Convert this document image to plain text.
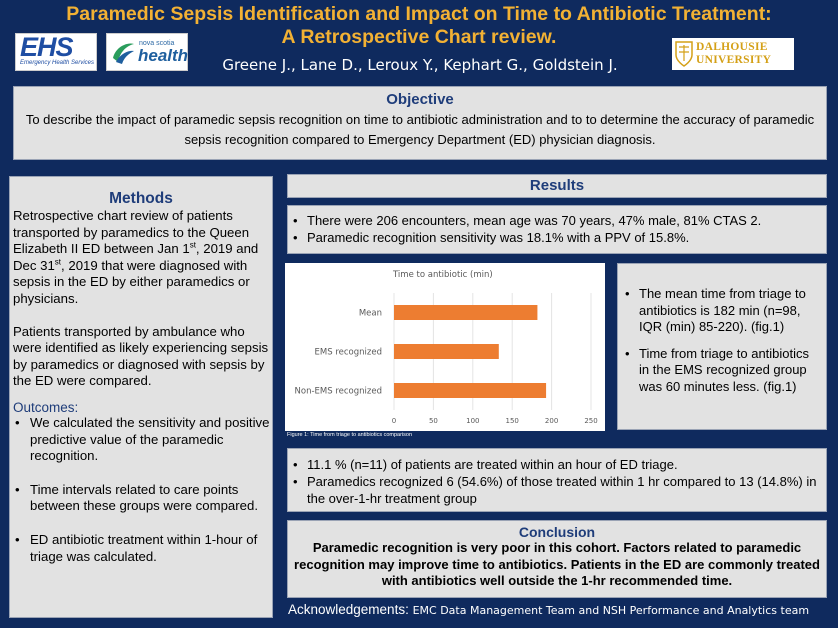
Paramedic Sepsis Identification and Impact on Time to Antibiotic Treatment:
A Retrospective Chart review.
Greene J., Lane D., Leroux Y., Kephart G., Goldstein J.
EHS
Emergency Health Services
nova scotia
health	DALHOUSIE
UNIVERSITY
Objective
To describe the impact of paramedic sepsis recognition on time to antibiotic administration and to to determine the accuracy of paramedic sepsis recognition compared to Emergency Department (ED) physician diagnosis.
Methods
Retrospective chart review of patients transported by paramedics to the Queen Elizabeth II ED between Jan 1st, 2019 and Dec 31st, 2019 that were diagnosed with sepsis in the ED by either paramedics or physicians.
Patients transported by ambulance who were identified as likely experiencing sepsis by paramedics or diagnosed with sepsis by the ED were compared.
Outcomes:
• We calculated the sensitivity and positive predictive value of the paramedic recognition.
• Time intervals related to care points between these groups were compared.
• ED antibiotic treatment within 1-hour of triage was calculated.
Results
• There were 206 encounters, mean age was 70 years, 47% male, 81% CTAS 2.
• Paramedic recognition sensitivity was 18.1% with a PPV of 15.8%.
0	50	100	150	200	250
Time to antibiotic (min)
Mean
EMS recognized
Non-EMS recognized
Figure 1: Time from triage to antibiotics comparison
• The mean time from triage to antibiotics is 182 min (n=98, IQR (min) 85-220). (fig.1)
• Time from triage to antibiotics in the EMS recognized group was 60 minutes less. (fig.1)
• 11.1 % (n=11) of patients are treated within an hour of ED triage.
• Paramedics recognized 6 (54.6%) of those treated within 1 hr compared to 13 (14.8%) in the over-1-hr treatment group
Conclusion
Paramedic recognition is very poor in this cohort. Factors related to paramedic recognition may improve time to antibiotics. Patients in the ED are commonly treated with antibiotics well outside the 1-hr recommended time.
Acknowledgements: EMC Data Management Team and NSH Performance and Analytics team
